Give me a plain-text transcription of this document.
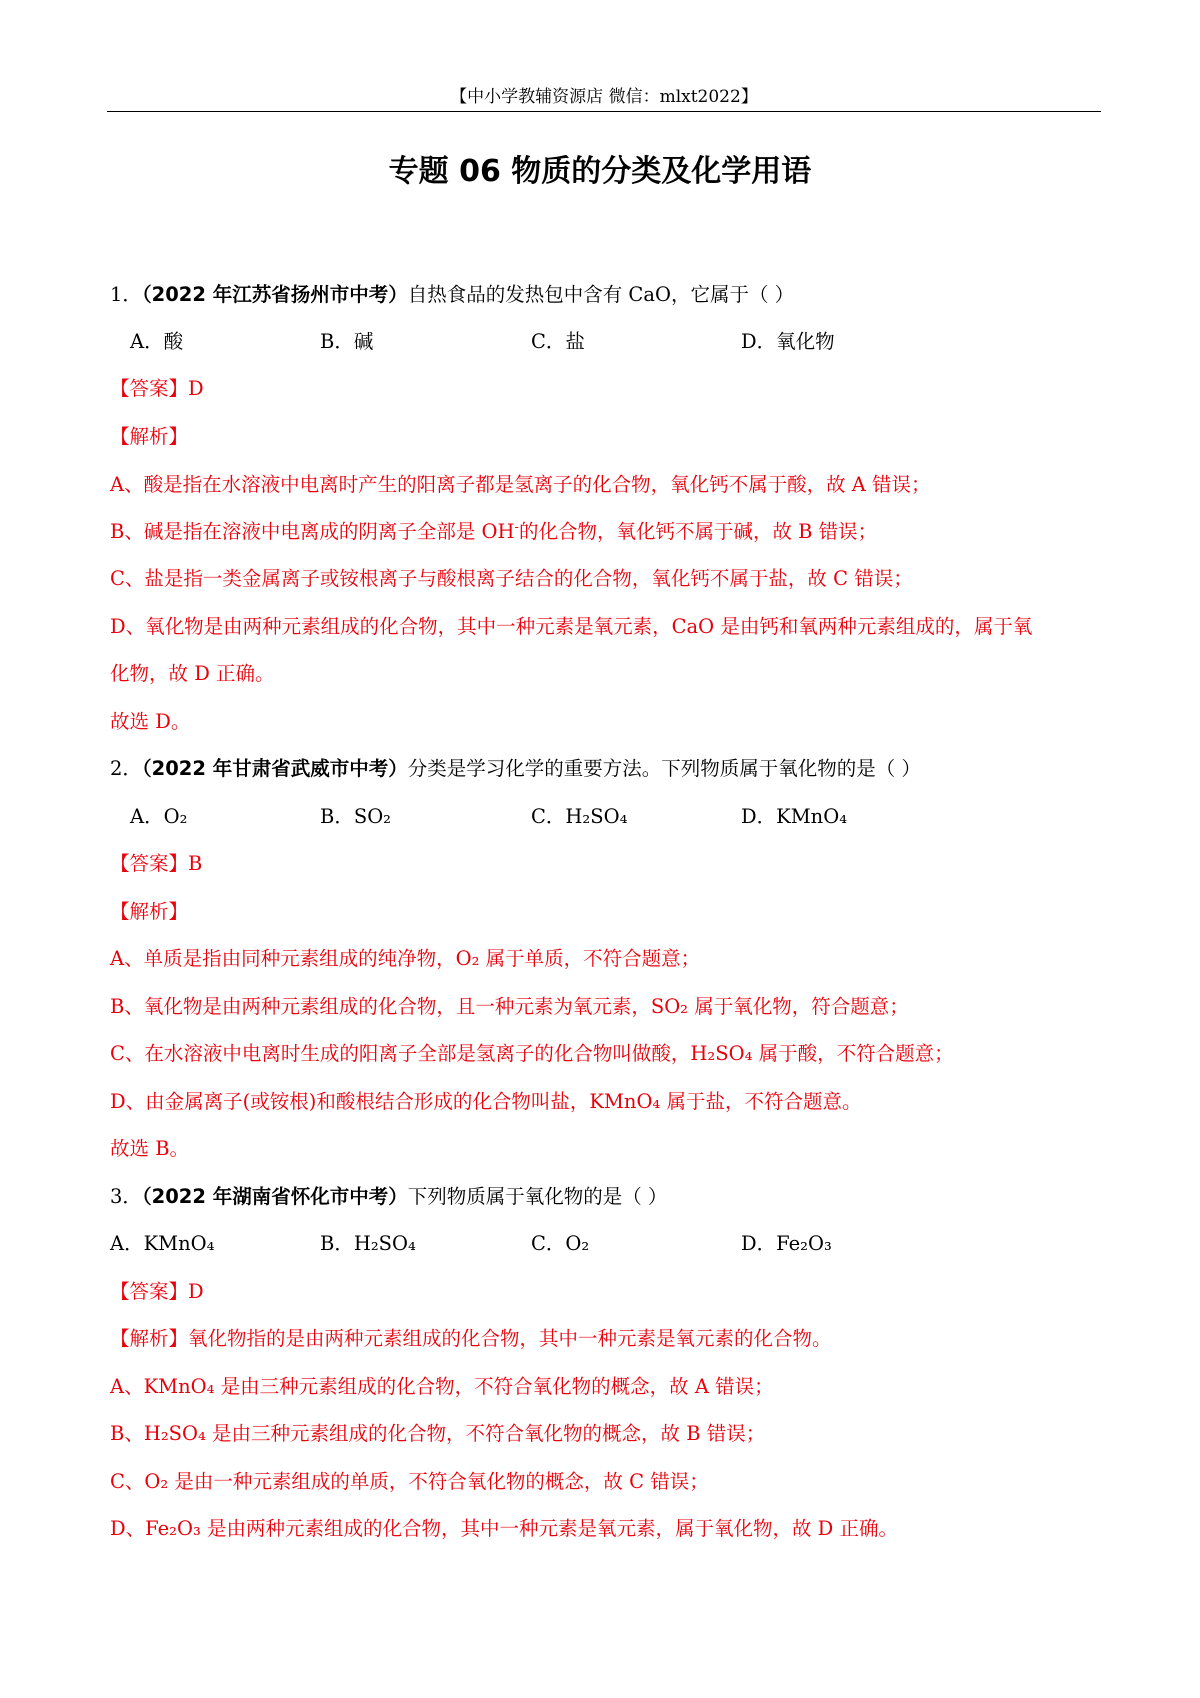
【中小学教辅资源店 微信：mlxt2022】
专题 06 物质的分类及化学用语
1．（2022 年江苏省扬州市中考）自热食品的发热包中含有 CaO，它属于（ ）
A．酸	B．碱	C．盐	D．氧化物
【答案】D
【解析】
A、酸是指在水溶液中电离时产生的阳离子都是氢离子的化合物，氧化钙不属于酸，故 A 错误；
B、碱是指在溶液中电离成的阴离子全部是 OH-的化合物，氧化钙不属于碱，故 B 错误；
C、盐是指一类金属离子或铵根离子与酸根离子结合的化合物，氧化钙不属于盐，故 C 错误；
D、氧化物是由两种元素组成的化合物，其中一种元素是氧元素，CaO 是由钙和氧两种元素组成的，属于氧
化物，故 D 正确。
故选 D。
2．（2022 年甘肃省武威市中考）分类是学习化学的重要方法。下列物质属于氧化物的是（ ）
A．O₂	B．SO₂	C．H₂SO₄	D．KMnO₄
【答案】B
【解析】
A、单质是指由同种元素组成的纯净物，O₂ 属于单质，不符合题意；
B、氧化物是由两种元素组成的化合物，且一种元素为氧元素，SO₂ 属于氧化物，符合题意；
C、在水溶液中电离时生成的阳离子全部是氢离子的化合物叫做酸，H₂SO₄ 属于酸，不符合题意；
D、由金属离子(或铵根)和酸根结合形成的化合物叫盐，KMnO₄ 属于盐，不符合题意。
故选 B。
3．（2022 年湖南省怀化市中考）下列物质属于氧化物的是（ ）
A．KMnO₄	B．H₂SO₄	C．O₂	D．Fe₂O₃
【答案】D
【解析】氧化物指的是由两种元素组成的化合物，其中一种元素是氧元素的化合物。
A、KMnO₄ 是由三种元素组成的化合物，不符合氧化物的概念，故 A 错误；
B、H₂SO₄ 是由三种元素组成的化合物，不符合氧化物的概念，故 B 错误；
C、O₂ 是由一种元素组成的单质，不符合氧化物的概念，故 C 错误；
D、Fe₂O₃ 是由两种元素组成的化合物，其中一种元素是氧元素，属于氧化物，故 D 正确。
